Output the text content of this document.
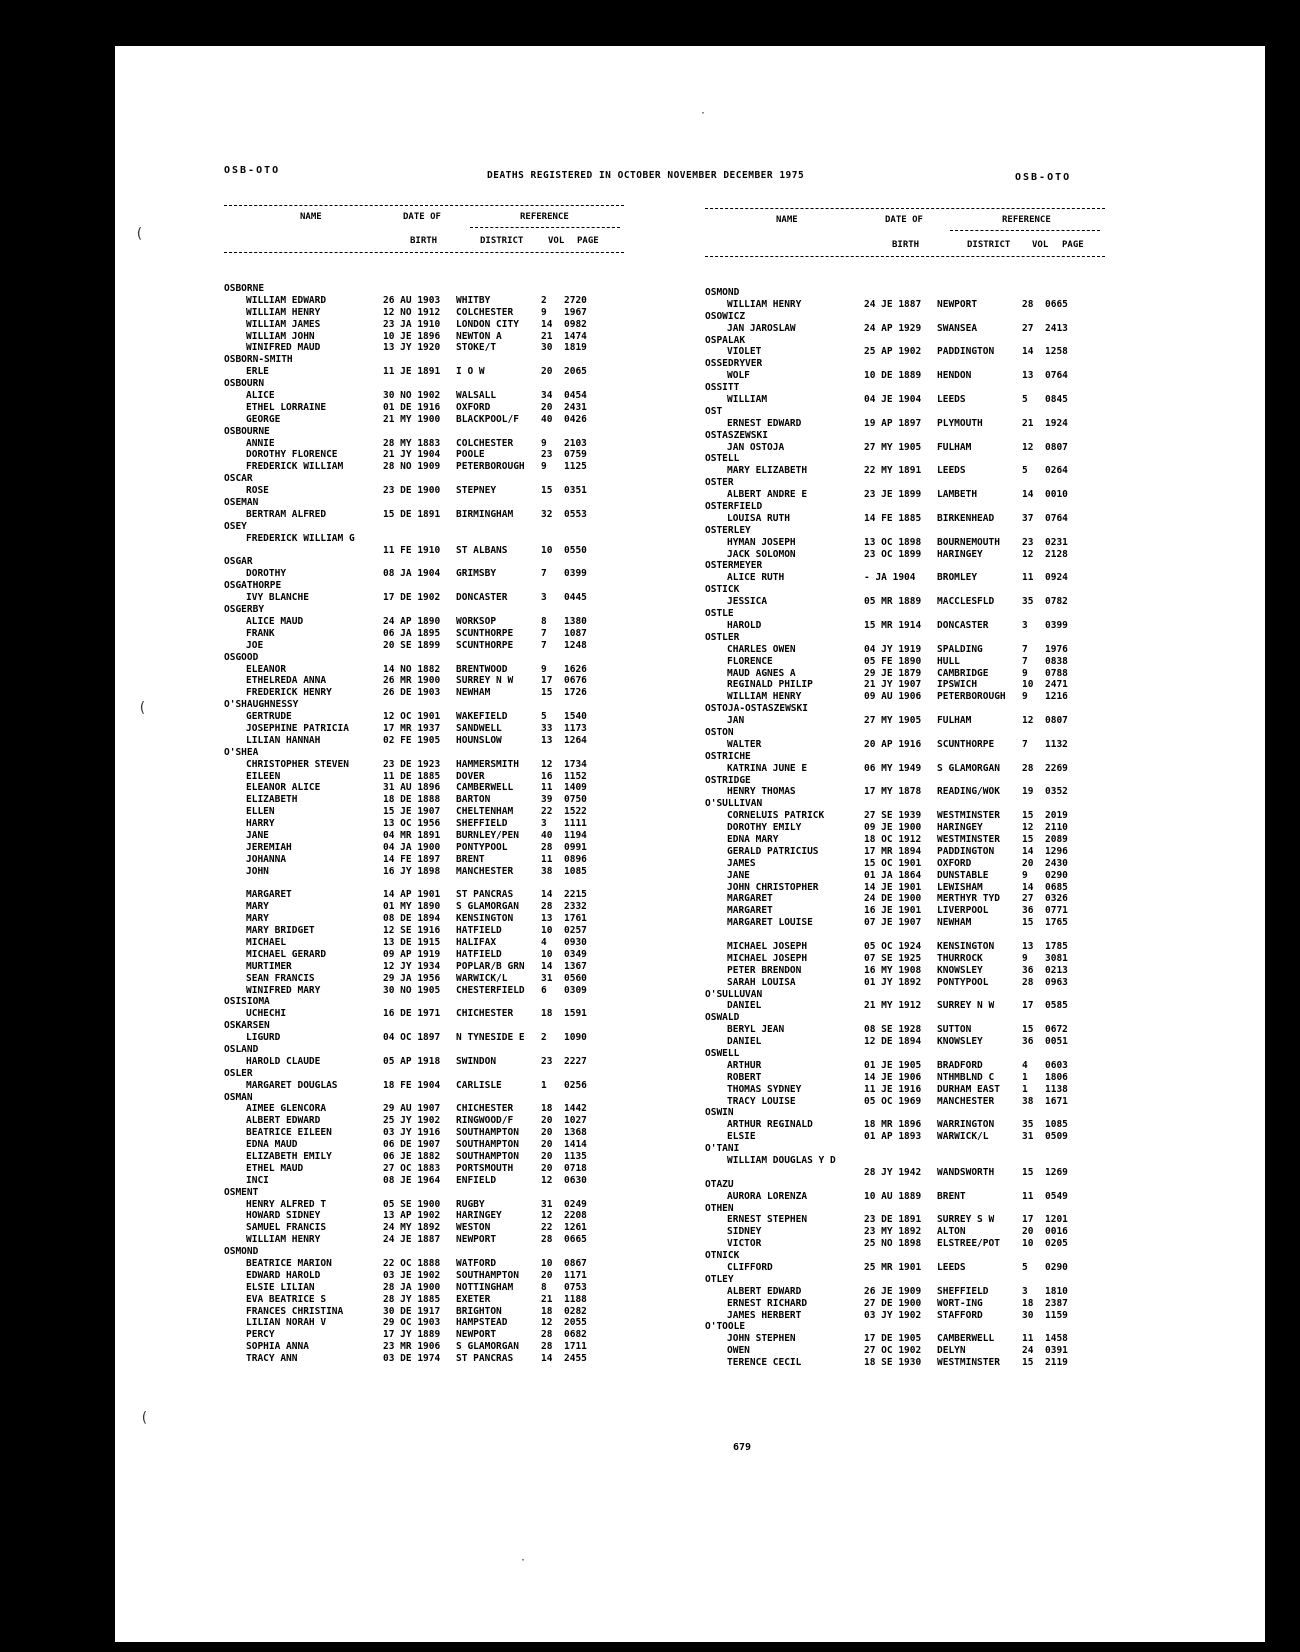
OSB-OTO	DEATHS REGISTERED IN OCTOBER NOVEMBER DECEMBER 1975	OSB-OTO
NAME	DATE OF	REFERENCE
BIRTH	DISTRICT	VOL PAGE
NAME	DATE OF	REFERENCE
BIRTH	DISTRICT VOL PAGE
OSBORNE
WILLIAM EDWARD	26 AU 1903 WHITBY	2 2720
WILLIAM HENRY	12 NO 1912 COLCHESTER	9 1967
WILLIAM JAMES	23 JA 1910 LONDON CITY 14 0982
WILLIAM JOHN	10 JE 1896 NEWTON A	21 1474
WINIFRED MAUD	13 JY 1920 STOKE/T	30 1819
OSBORN-SMITH
ERLE	11 JE 1891 I O W	20 2065
OSBOURN
ALICE	30 NO 1902 WALSALL	34 0454
ETHEL LORRAINE	01 DE 1916 OXFORD	20 2431
GEORGE	21 MY 1900 BLACKPOOL/F 40 0426
OSBOURNE
ANNIE	28 MY 1883 COLCHESTER	9 2103
DOROTHY FLORENCE	21 JY 1904 POOLE	23 0759
FREDERICK WILLIAM	28 NO 1909 PETERBOROUGH 9 1125
OSCAR
ROSE	23 DE 1900 STEPNEY	15 0351
OSEMAN
BERTRAM ALFRED	15 DE 1891 BIRMINGHAM	32 0553
OSEY
FREDERICK WILLIAM G
11 FE 1910 ST ALBANS	10 0550
OSGAR
DOROTHY	08 JA 1904 GRIMSBY	7 0399
OSGATHORPE
IVY BLANCHE	17 DE 1902 DONCASTER	3 0445
OSGERBY
ALICE MAUD	24 AP 1890 WORKSOP	8 1380
FRANK	06 JA 1895 SCUNTHORPE	7 1087
JOE	20 SE 1899 SCUNTHORPE	7 1248
OSGOOD
ELEANOR	14 NO 1882 BRENTWOOD	9 1626
ETHELREDA ANNA	26 MR 1900 SURREY N W	17 0676
FREDERICK HENRY	26 DE 1903 NEWHAM	15 1726
O'SHAUGHNESSY
GERTRUDE	12 OC 1901 WAKEFIELD	5 1540
JOSEPHINE PATRICIA	17 MR 1937 SANDWELL	33 1173
LILIAN HANNAH	02 FE 1905 HOUNSLOW	13 1264
O'SHEA
CHRISTOPHER STEVEN	23 DE 1923 HAMMERSMITH 12 1734
EILEEN	11 DE 1885 DOVER	16 1152
ELEANOR ALICE	31 AU 1896 CAMBERWELL	11 1409
ELIZABETH	18 DE 1888 BARTON	39 0750
ELLEN	15 JE 1907 CHELTENHAM	22 1522
HARRY	13 OC 1956 SHEFFIELD	3 1111
JANE	04 MR 1891 BURNLEY/PEN 40 1194
JEREMIAH	04 JA 1900 PONTYPOOL	28 0991
JOHANNA	14 FE 1897 BRENT	11 0896
JOHN	16 JY 1898 MANCHESTER	38 1085
MARGARET	14 AP 1901 ST PANCRAS	14 2215
MARY	01 MY 1890 S GLAMORGAN 28 2332
MARY	08 DE 1894 KENSINGTON	13 1761
MARY BRIDGET	12 SE 1916 HATFIELD	10 0257
MICHAEL	13 DE 1915 HALIFAX	4 0930
MICHAEL GERARD	09 AP 1919 HATFIELD	10 0349
MURTIMER	12 JY 1934 POPLAR/B GRN 14 1367
SEAN FRANCIS	29 JA 1956 WARWICK/L	31 0560
WINIFRED MARY	30 NO 1905 CHESTERFIELD 6 0309
OSISIOMA
UCHECHI	16 DE 1971 CHICHESTER	18 1591
OSKARSEN
LIGURD	04 OC 1897 N TYNESIDE E 2 1090
OSLAND
HAROLD CLAUDE	05 AP 1918 SWINDON	23 2227
OSLER
MARGARET DOUGLAS	18 FE 1904 CARLISLE	1 0256
OSMAN
AIMEE GLENCORA	29 AU 1907 CHICHESTER	18 1442
ALBERT EDWARD	25 JY 1902 RINGWOOD/F	20 1027
BEATRICE EILEEN	03 JY 1916 SOUTHAMPTON 20 1368
EDNA MAUD	06 DE 1907 SOUTHAMPTON 20 1414
ELIZABETH EMILY	06 JE 1882 SOUTHAMPTON 20 1135
ETHEL MAUD	27 OC 1883 PORTSMOUTH	20 0718
INCI	08 JE 1964 ENFIELD	12 0630
OSMENT
HENRY ALFRED T	05 SE 1900 RUGBY	31 0249
HOWARD SIDNEY	13 AP 1902 HARINGEY	12 2208
SAMUEL FRANCIS	24 MY 1892 WESTON	22 1261
WILLIAM HENRY	24 JE 1887 NEWPORT	28 0665
OSMOND
BEATRICE MARION	22 OC 1888 WATFORD	10 0867
EDWARD HAROLD	03 JE 1902 SOUTHAMPTON 20 1171
ELSIE LILIAN	28 JA 1900 NOTTINGHAM	8 0753
EVA BEATRICE S	28 JY 1885 EXETER	21 1188
FRANCES CHRISTINA	30 DE 1917 BRIGHTON	18 0282
LILIAN NORAH V	29 OC 1903 HAMPSTEAD	12 2055
PERCY	17 JY 1889 NEWPORT	28 0682
SOPHIA ANNA	23 MR 1906 S GLAMORGAN 28 1711
TRACY ANN	03 DE 1974 ST PANCRAS	14 2455
OSMOND
WILLIAM HENRY	24 JE 1887 NEWPORT	28 0665
OSOWICZ
JAN JAROSLAW	24 AP 1929 SWANSEA	27 2413
OSPALAK
VIOLET	25 AP 1902 PADDINGTON	14 1258
OSSEDRYVER
WOLF	10 DE 1889 HENDON	13 0764
OSSITT
WILLIAM	04 JE 1904 LEEDS	5 0845
OST
ERNEST EDWARD	19 AP 1897 PLYMOUTH	21 1924
OSTASZEWSKI
JAN OSTOJA	27 MY 1905 FULHAM	12 0807
OSTELL
MARY ELIZABETH	22 MY 1891 LEEDS	5 0264
OSTER
ALBERT ANDRE E	23 JE 1899 LAMBETH	14 0010
OSTERFIELD
LOUISA RUTH	14 FE 1885 BIRKENHEAD	37 0764
OSTERLEY
HYMAN JOSEPH	13 OC 1898 BOURNEMOUTH 23 0231
JACK SOLOMON	23 OC 1899 HARINGEY	12 2128
OSTERMEYER
ALICE RUTH	- JA 1904 BROMLEY	11 0924
OSTICK
JESSICA	05 MR 1889 MACCLESFLD	35 0782
OSTLE
HAROLD	15 MR 1914 DONCASTER	3 0399
OSTLER
CHARLES OWEN	04 JY 1919 SPALDING	7 1976
FLORENCE	05 FE 1890 HULL	7 0838
MAUD AGNES A	29 JE 1879 CAMBRIDGE	9 0788
REGINALD PHILIP	21 JY 1907 IPSWICH	10 2471
WILLIAM HENRY	09 AU 1906 PETERBOROUGH 9 1216
OSTOJA-OSTASZEWSKI
JAN	27 MY 1905 FULHAM	12 0807
OSTON
WALTER	20 AP 1916 SCUNTHORPE	7 1132
OSTRICHE
KATRINA JUNE E	06 MY 1949 S GLAMORGAN 28 2269
OSTRIDGE
HENRY THOMAS	17 MY 1878 READING/WOK 19 0352
O'SULLIVAN
CORNELUIS PATRICK	27 SE 1939 WESTMINSTER 15 2019
DOROTHY EMILY	09 JE 1900 HARINGEY	12 2110
EDNA MARY	18 OC 1912 WESTMINSTER 15 2089
GERALD PATRICIUS	17 MR 1894 PADDINGTON	14 1296
JAMES	15 OC 1901 OXFORD	20 2430
JANE	01 JA 1864 DUNSTABLE	9 0290
JOHN CHRISTOPHER	14 JE 1901 LEWISHAM	14 0685
MARGARET	24 DE 1900 MERTHYR TYD 27 0326
MARGARET	16 JE 1901 LIVERPOOL	36 0771
MARGARET LOUISE	07 JE 1907 NEWHAM	15 1765
MICHAEL JOSEPH	05 OC 1924 KENSINGTON	13 1785
MICHAEL JOSEPH	07 SE 1925 THURROCK	9 3081
PETER BRENDON	16 MY 1908 KNOWSLEY	36 0213
SARAH LOUISA	01 JY 1892 PONTYPOOL	28 0963
O'SULLUVAN
DANIEL	21 MY 1912 SURREY N W	17 0585
OSWALD
BERYL JEAN	08 SE 1928 SUTTON	15 0672
DANIEL	12 DE 1894 KNOWSLEY	36 0051
OSWELL
ARTHUR	01 JE 1905 BRADFORD	4 0603
ROBERT	14 JE 1906 NTHMBLND C	1 1806
THOMAS SYDNEY	11 JE 1916 DURHAM EAST 1 1138
TRACY LOUISE	05 OC 1969 MANCHESTER	38 1671
OSWIN
ARTHUR REGINALD	18 MR 1896 WARRINGTON	35 1085
ELSIE	01 AP 1893 WARWICK/L	31 0509
O'TANI
WILLIAM DOUGLAS Y D
28 JY 1942 WANDSWORTH	15 1269
OTAZU
AURORA LORENZA	10 AU 1889 BRENT	11 0549
OTHEN
ERNEST STEPHEN	23 DE 1891 SURREY S W	17 1201
SIDNEY	23 MY 1892 ALTON	20 0016
VICTOR	25 NO 1898 ELSTREE/POT 10 0205
OTNICK
CLIFFORD	25 MR 1901 LEEDS	5 0290
OTLEY
ALBERT EDWARD	26 JE 1909 SHEFFIELD	3 1810
ERNEST RICHARD	27 DE 1900 WORT-ING	18 2387
JAMES HERBERT	03 JY 1902 STAFFORD	30 1159
O'TOOLE
JOHN STEPHEN	17 DE 1905 CAMBERWELL	11 1458
OWEN	27 OC 1902 DELYN	24 0391
TERENCE CECIL	18 SE 1930 WESTMINSTER 15 2119
679
(
(
(
·
·
